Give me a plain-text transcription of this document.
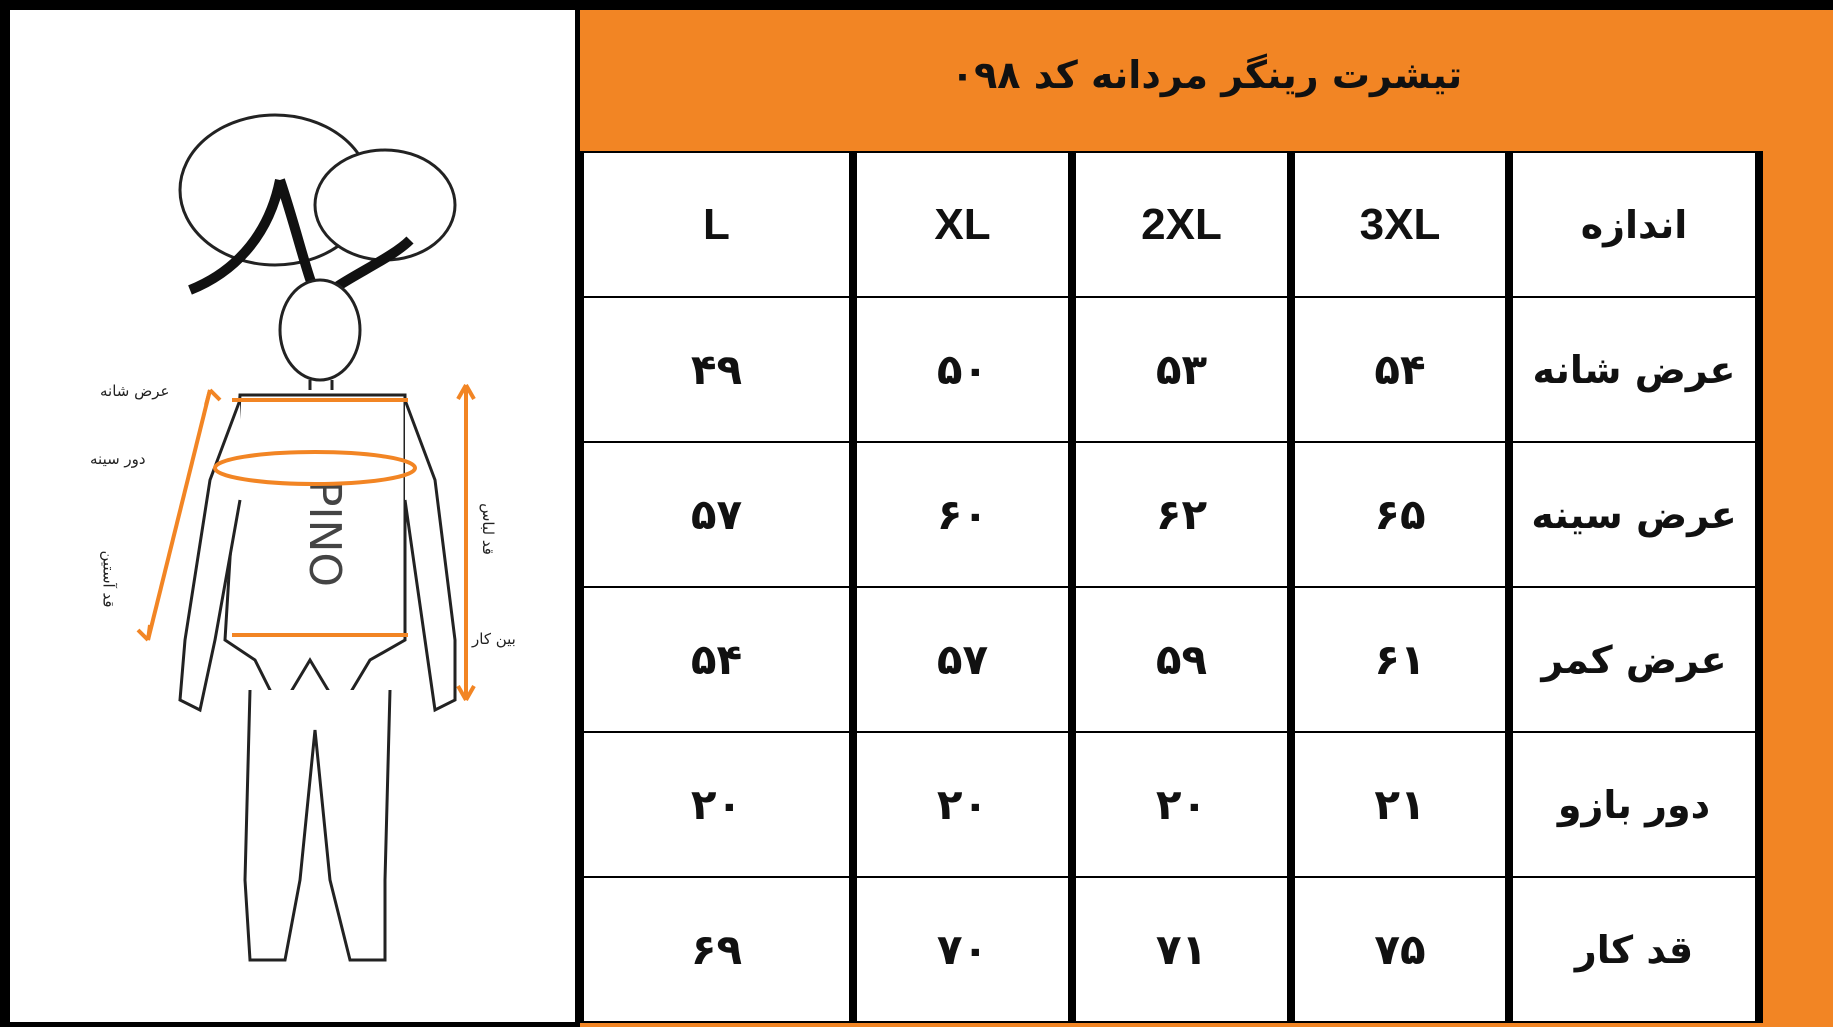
PINO
عرض شانه
دور سینه
قد آستین
قد لباس
بین کار
تیشرت رینگر مردانه کد ۰۹۸
L	XL	2XL	3XL	اندازه
۴۹	۵۰	۵۳	۵۴	عرض شانه
۵۷	۶۰	۶۲	۶۵	عرض سینه
۵۴	۵۷	۵۹	۶۱	عرض کمر
۲۰	۲۰	۲۰	۲۱	دور بازو
۶۹	۷۰	۷۱	۷۵	قد کار
